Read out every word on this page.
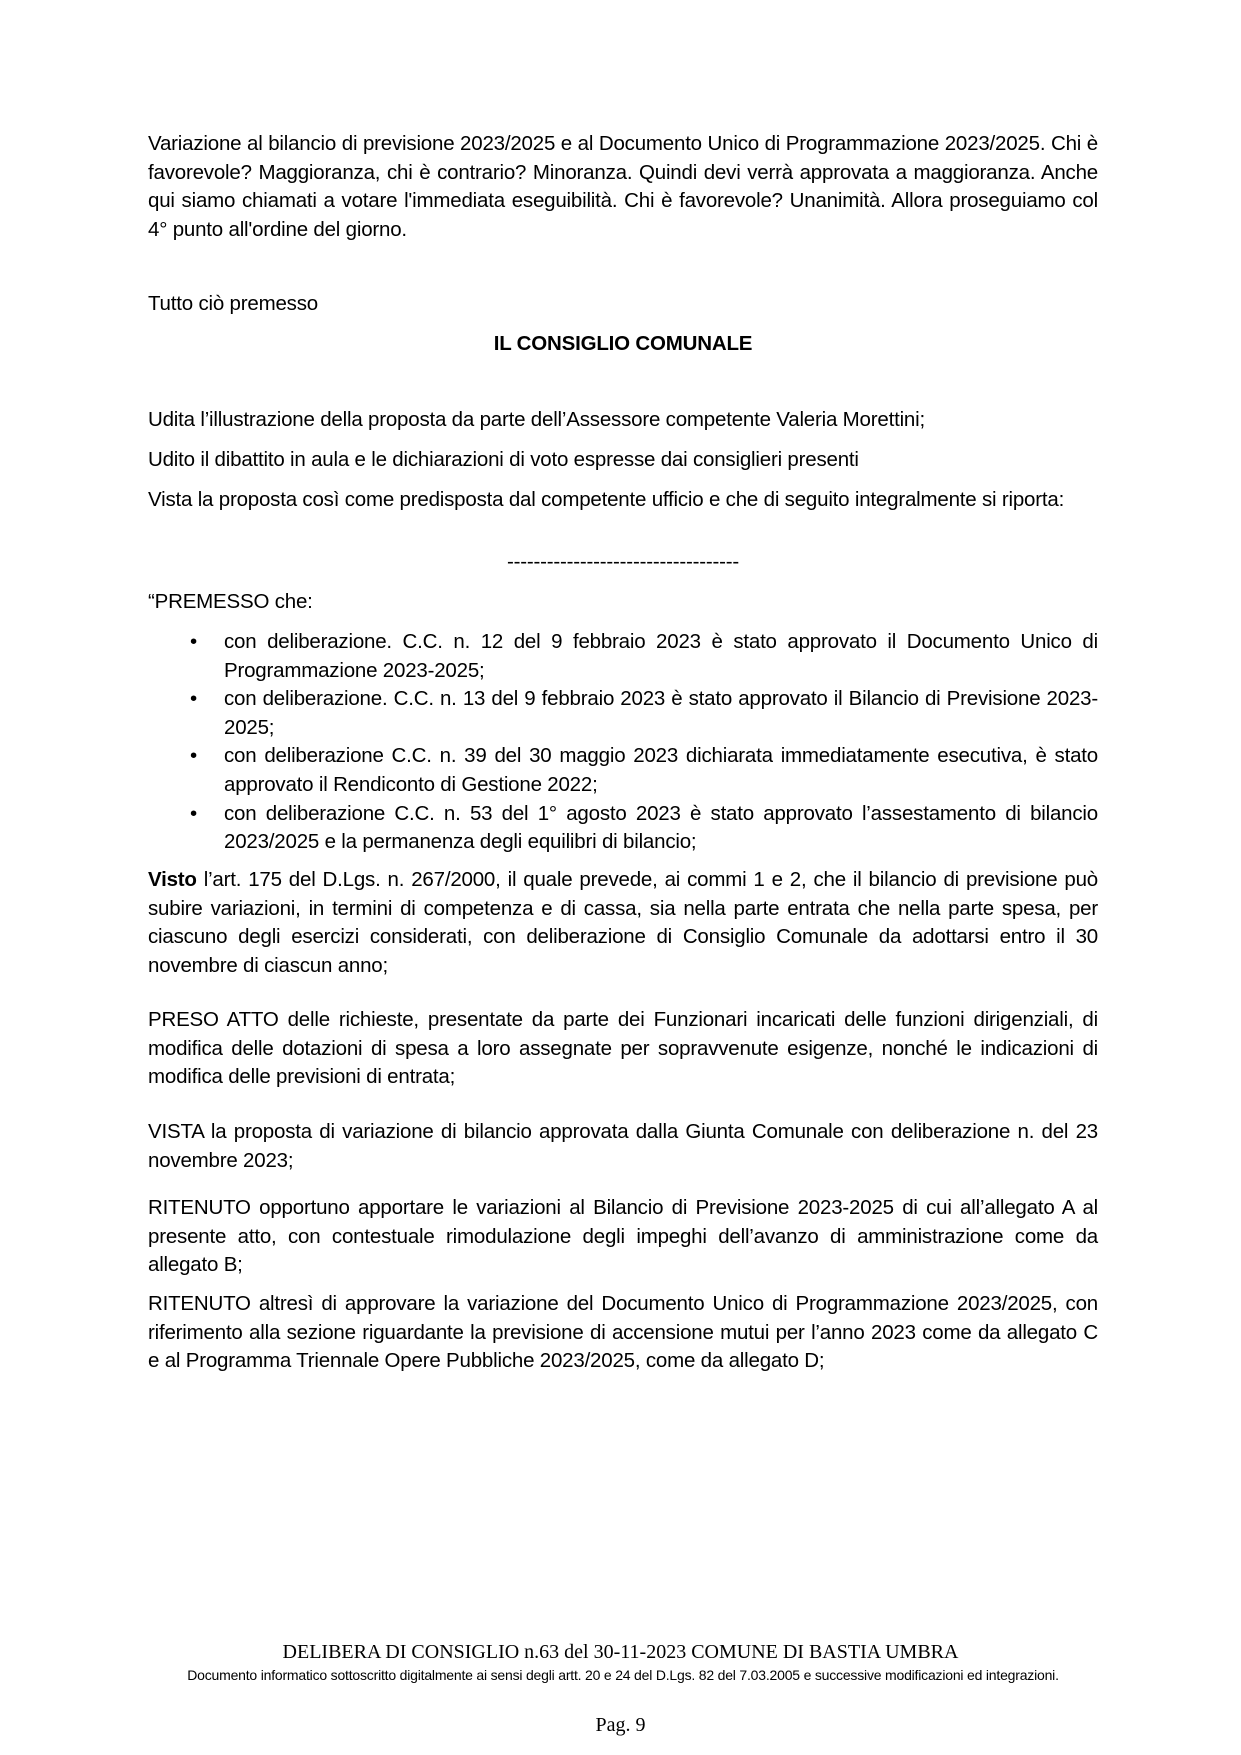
Variazione al bilancio di previsione 2023/2025 e al Documento Unico di Programmazione 2023/2025. Chi è favorevole? Maggioranza, chi è contrario? Minoranza. Quindi devi verrà approvata a maggioranza. Anche qui siamo chiamati a votare l'immediata eseguibilità. Chi è favorevole? Unanimità. Allora proseguiamo col 4° punto all'ordine del giorno.
Tutto ciò premesso
IL CONSIGLIO COMUNALE
Udita l’illustrazione della proposta da parte dell’Assessore competente Valeria Morettini;
Udito il dibattito in aula e le dichiarazioni di voto espresse dai consiglieri presenti
Vista la proposta così come predisposta dal competente ufficio e che di seguito integralmente si riporta:
-----------------------------------
“PREMESSO che:
• con deliberazione. C.C. n. 12 del 9 febbraio 2023 è stato approvato il Documento Unico di Programmazione 2023-2025;
• con deliberazione. C.C. n. 13 del 9 febbraio 2023 è stato approvato il Bilancio di Previsione 2023-2025;
• con deliberazione C.C. n. 39 del 30 maggio 2023 dichiarata immediatamente esecutiva, è stato approvato il Rendiconto di Gestione 2022;
• con deliberazione C.C. n. 53 del 1° agosto 2023 è stato approvato l’assestamento di bilancio 2023/2025 e la permanenza degli equilibri di bilancio;
Visto l’art. 175 del D.Lgs. n. 267/2000, il quale prevede, ai commi 1 e 2, che il bilancio di previsione può subire variazioni, in termini di competenza e di cassa, sia nella parte entrata che nella parte spesa, per ciascuno degli esercizi considerati, con deliberazione di Consiglio Comunale da adottarsi entro il 30 novembre di ciascun anno;
PRESO ATTO delle richieste, presentate da parte dei Funzionari incaricati delle funzioni dirigenziali, di modifica delle dotazioni di spesa a loro assegnate per sopravvenute esigenze, nonché le indicazioni di modifica delle previsioni di entrata;
VISTA la proposta di variazione di bilancio approvata dalla Giunta Comunale con deliberazione n. del 23 novembre 2023;
RITENUTO opportuno apportare le variazioni al Bilancio di Previsione 2023-2025 di cui all’allegato A al presente atto, con contestuale rimodulazione degli impeghi dell’avanzo di amministrazione come da allegato B;
RITENUTO altresì di approvare la variazione del Documento Unico di Programmazione 2023/2025, con riferimento alla sezione riguardante la previsione di accensione mutui per l’anno 2023 come da allegato C e al Programma Triennale Opere Pubbliche 2023/2025, come da allegato D;
DELIBERA DI CONSIGLIO n.63 del 30-11-2023 COMUNE DI BASTIA UMBRA
Documento informatico sottoscritto digitalmente ai sensi degli artt. 20 e 24 del D.Lgs. 82 del 7.03.2005 e successive modificazioni ed integrazioni.
Pag. 9
